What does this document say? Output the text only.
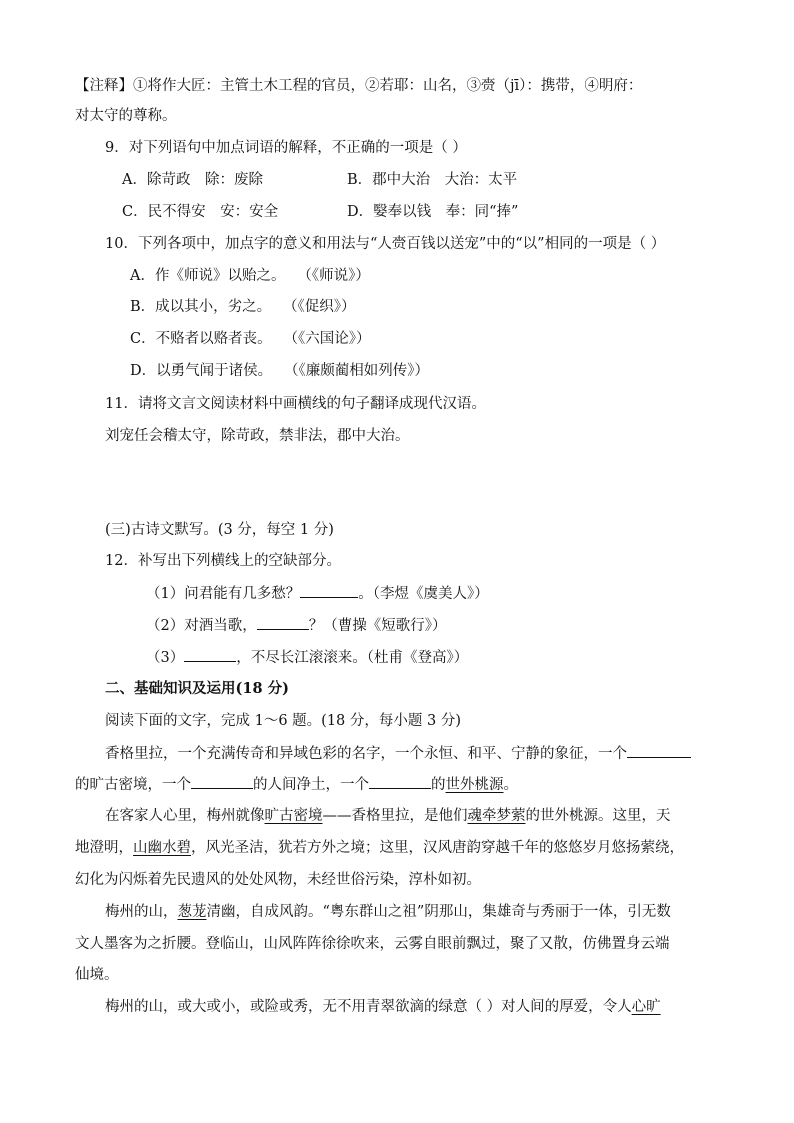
【注释】①将作大匠：主管土木工程的官员，②若耶：山名，③赍（jī）：携带，④明府：
对太守的尊称。
9．对下列语句中加点词语的解释，不正确的一项是（ ）
A．除苛政　除：废除	B．郡中大治　大治：太平
C．民不得安　安：安全	D．嫛奉以钱　奉：同“捧”
10．下列各项中，加点字的意义和用法与“人赍百钱以送宠”中的“以”相同的一项是（ ）
A．作《师说》以贻之。　 （《师说》）
B．成以其小，劣之。　 （《促织》）
C．不赂者以赂者丧。　 （《六国论》）
D．以勇气闻于诸侯。　 （《廉颇蔺相如列传》）
11．请将文言文阅读材料中画横线的句子翻译成现代汉语。
刘宠任会稽太守，除苛政，禁非法，郡中大治。
(三)古诗文默写。(3 分，每空 1 分)
12．补写出下列横线上的空缺部分。
（1）问君能有几多愁？	。（李煜《虞美人》）
（2）对酒当歌，	？（曹操《短歌行》）
（3）	，不尽长江滚滚来。（杜甫《登高》）
二、基础知识及运用(18 分)
阅读下面的文字，完成 1～6 题。(18 分，每小题 3 分)
香格里拉，一个充满传奇和异域色彩的名字，一个永恒、和平、宁静的象征，一个
的旷古密境，一个	的人间净土，一个	的世外桃源。
在客家人心里，梅州就像旷古密境——香格里拉，是他们魂牵梦萦的世外桃源。这里，天
地澄明，山幽水碧，风光圣洁，犹若方外之境；这里，汉风唐韵穿越千年的悠悠岁月悠扬萦绕，
幻化为闪烁着先民遗风的处处风物，未经世俗污染，淳朴如初。
梅州的山，葱茏清幽，自成风韵。“粤东群山之祖”阴那山，集雄奇与秀丽于一体，引无数
文人墨客为之折腰。登临山，山风阵阵徐徐吹来，云雾自眼前飘过，聚了又散，仿佛置身云端
仙境。
梅州的山，或大或小，或险或秀，无不用青翠欲滴的绿意（ ）对人间的厚爱，令人心旷
